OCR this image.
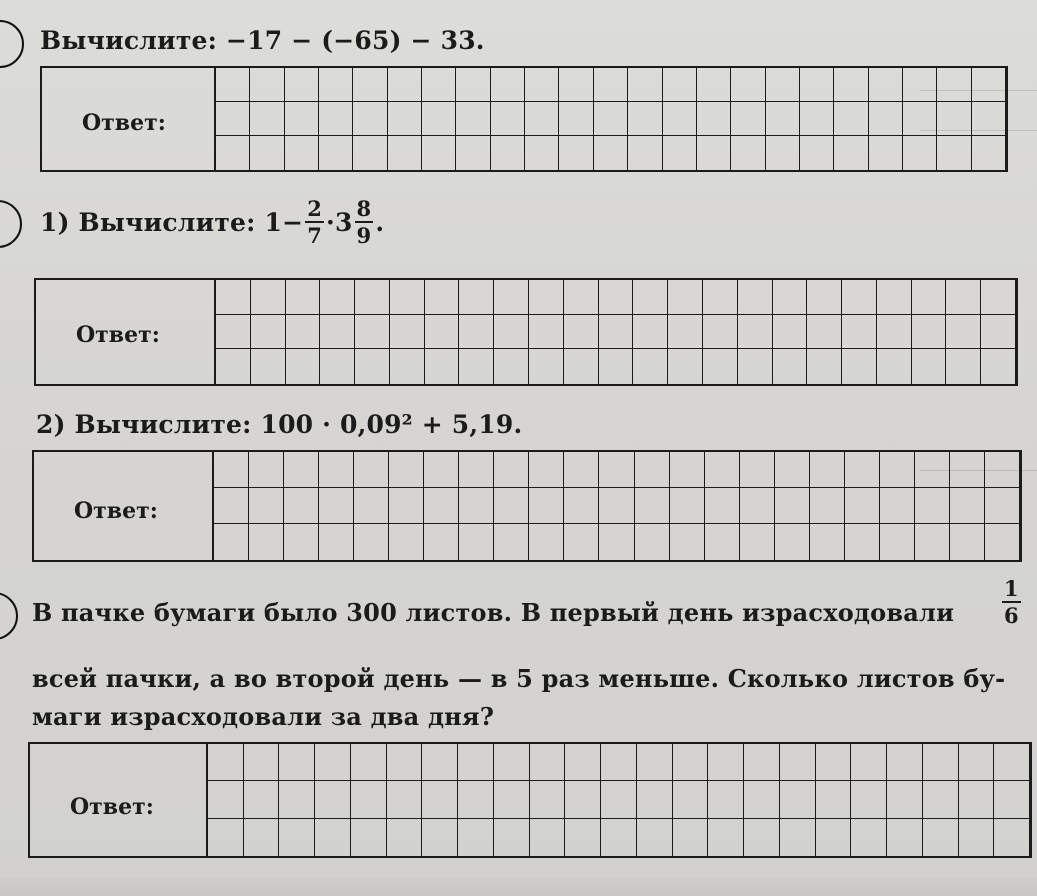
Вычислите: −17 − (−65) − 33.
Ответ:
1) Вычислите: $1- \frac{2}{7} \cdot 3 \frac{8}{9}$ .
Ответ:
2) Вычислите: 100 · 0,09² + 5,19.
Ответ:
В пачке бумаги было 300 листов. В первый день израсходовали $\frac{1}{6}$
всей пачки, а во второй день — в 5 раз меньше. Сколько листов бу-
маги израсходовали за два дня?
Ответ:
